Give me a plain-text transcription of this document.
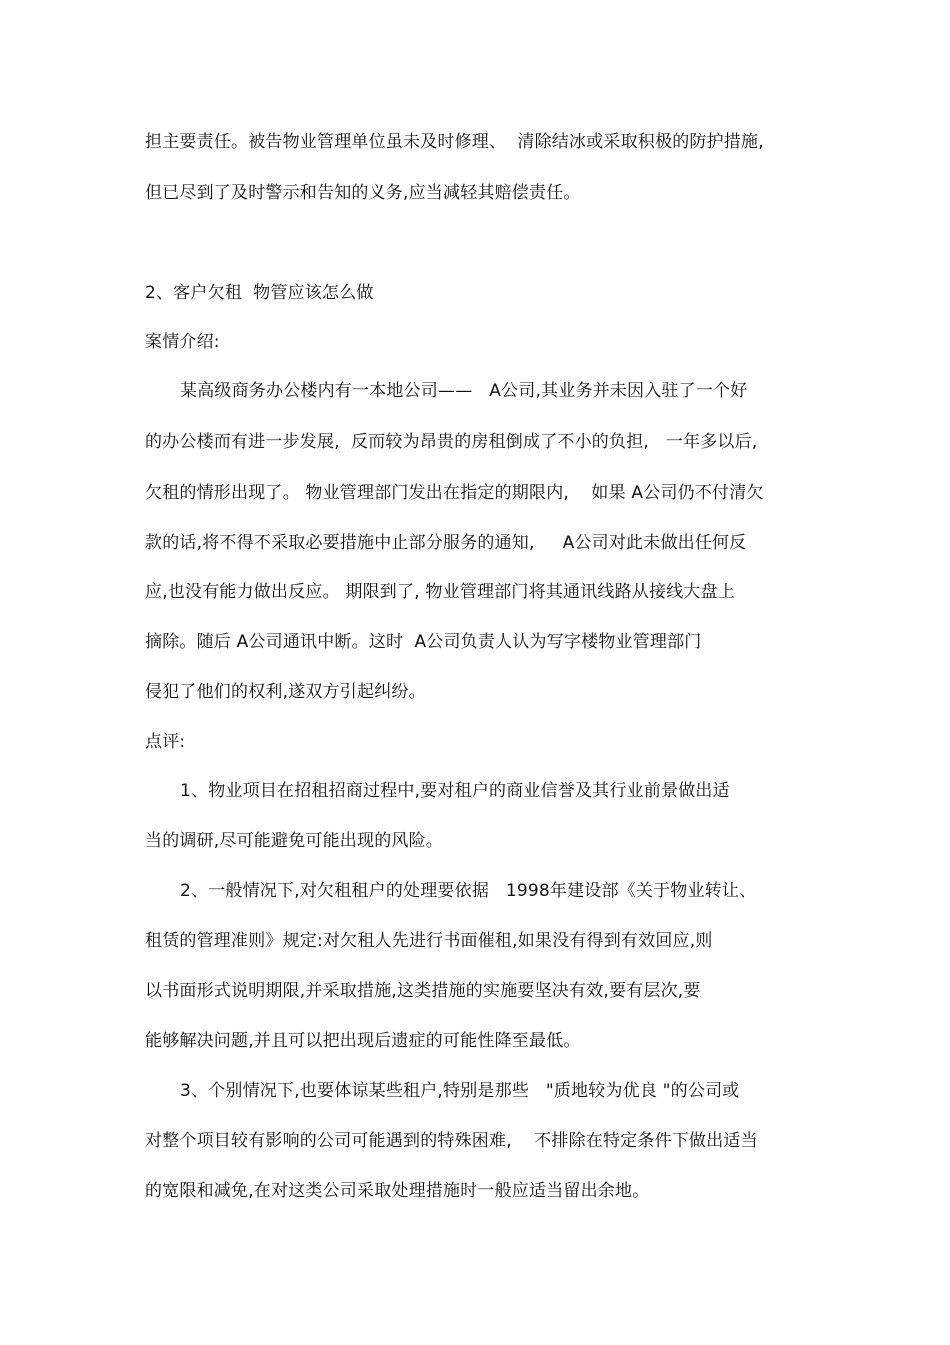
担主要责任。被告物业管理单位虽未及时修理、  清除结冰或采取积极的防护措施,
但已尽到了及时警示和告知的义务,应当减轻其赔偿责任。
2、客户欠租  物管应该怎么做
案情介绍:
某高级商务办公楼内有一本地公司——   A公司,其业务并未因入驻了一个好
的办公楼而有进一步发展,  反而较为昂贵的房租倒成了不小的负担,   一年多以后,
欠租的情形出现了。 物业管理部门发出在指定的期限内,    如果 A公司仍不付清欠
款的话,将不得不采取必要措施中止部分服务的通知,     A公司对此未做出任何反
应,也没有能力做出反应。 期限到了, 物业管理部门将其通讯线路从接线大盘上
摘除。随后 A公司通讯中断。这时  A公司负责人认为写字楼物业管理部门
侵犯了他们的权利,遂双方引起纠纷。
点评:
1、物业项目在招租招商过程中,要对租户的商业信誉及其行业前景做出适
当的调研,尽可能避免可能出现的风险。
2、一般情况下,对欠租租户的处理要依据   1998年建设部《关于物业转让、
租赁的管理准则》规定:对欠租人先进行书面催租,如果没有得到有效回应,则
以书面形式说明期限,并采取措施,这类措施的实施要坚决有效,要有层次,要
能够解决问题,并且可以把出现后遗症的可能性降至最低。
3、个别情况下,也要体谅某些租户,特别是那些   "质地较为优良 "的公司或
对整个项目较有影响的公司可能遇到的特殊困难,    不排除在特定条件下做出适当
的宽限和减免,在对这类公司采取处理措施时一般应适当留出余地。
